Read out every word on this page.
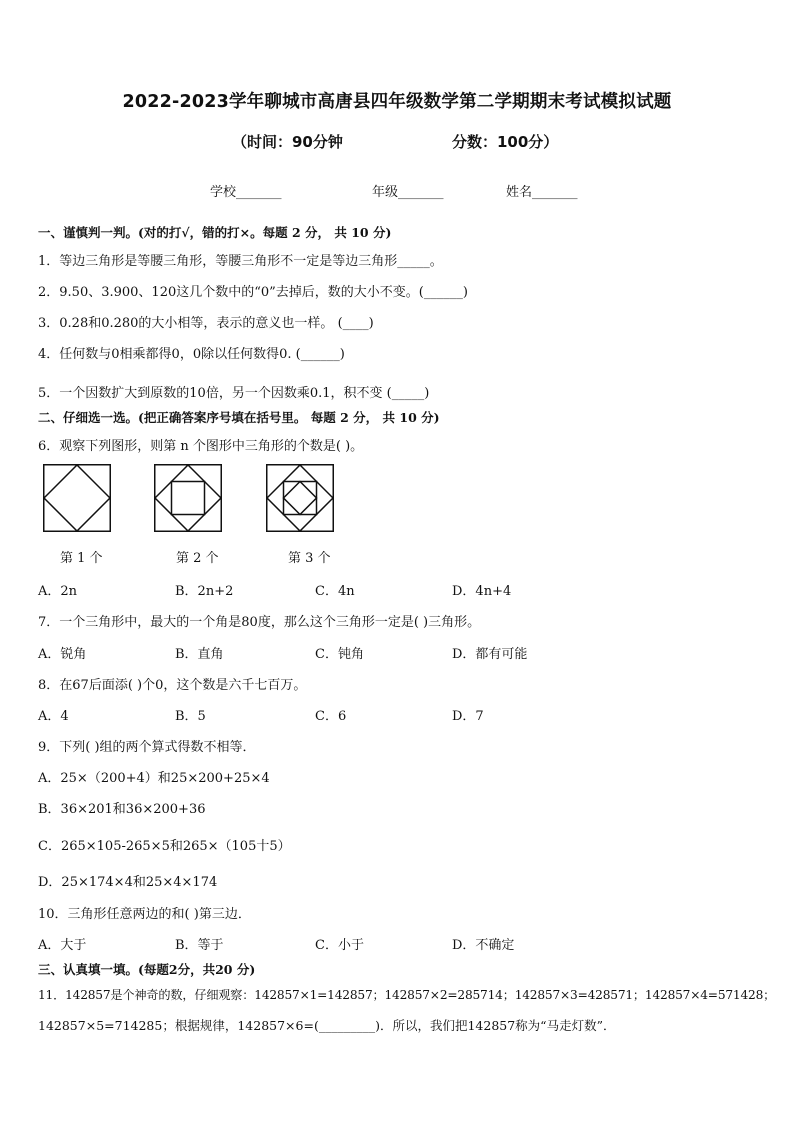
2022-2023学年聊城市高唐县四年级数学第二学期期末考试模拟试题
（时间：90分钟	分数：100分）
学校_______	年级_______	姓名_______
一、谨慎判一判。(对的打√，错的打×。每题 2 分， 共 10 分)
1．等边三角形是等腰三角形，等腰三角形不一定是等边三角形_____。
2．9.50、3.900、120这几个数中的“0”去掉后，数的大小不变。(______)
3．0.28和0.280的大小相等，表示的意义也一样。 (____)
4．任何数与0相乘都得0，0除以任何数得0. (______)
5．一个因数扩大到原数的10倍，另一个因数乘0.1，积不变 (_____)
二、仔细选一选。(把正确答案序号填在括号里。 每题 2 分， 共 10 分)
6．观察下列图形，则第 n 个图形中三角形的个数是( )。
第 1 个	第 2 个	第 3 个
A．2n	B．2n+2	C．4n	D．4n+4
7．一个三角形中，最大的一个角是80度，那么这个三角形一定是( )三角形。
A．锐角	B．直角	C．钝角	D．都有可能
8．在67后面添( )个0，这个数是六千七百万。
A．4	B．5	C．6	D．7
9．下列( )组的两个算式得数不相等．
A．25×（200+4）和25×200+25×4
B．36×201和36×200+36
C．265×105-265×5和265×（105十5）
D．25×174×4和25×4×174
10．三角形任意两边的和( )第三边．
A．大于	B．等于	C．小于	D．不确定
三、认真填一填。(每题2分，共20 分)
11．142857是个神奇的数，仔细观察：142857×1=142857；142857×2=285714；142857×3=428571；142857×4=571428；
142857×5=714285；根据规律，142857×6=(_________)．所以，我们把142857称为“马走灯数”．
